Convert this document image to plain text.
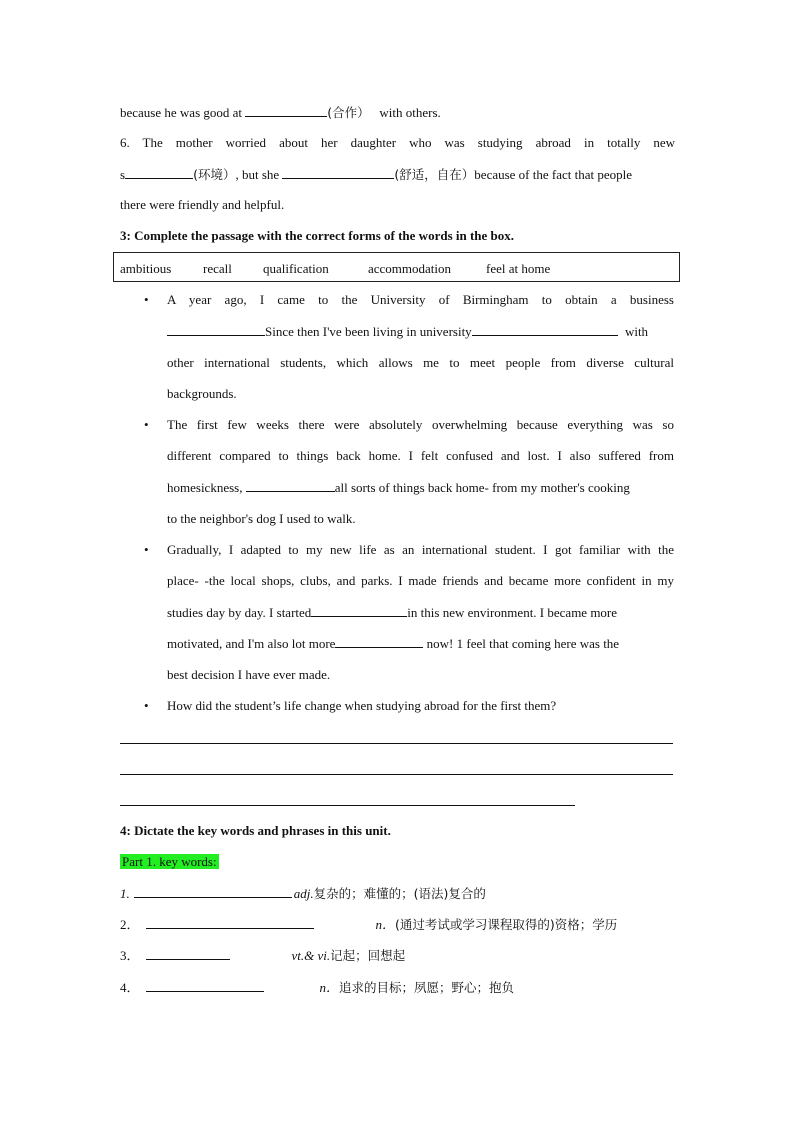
because he was good at	(合作）   with others.
6. The mother worried about her daughter who was studying abroad in totally new
s	(环境）, but she	(舒适，自在）because of the fact that people
there were friendly and helpful.
3: Complete the passage with the correct forms of the words in the box.
ambitious recall qualification	accommodation	feel at home
• A year ago, I came to the University of Birmingham to obtain a business
Since then I've been living in university	with
other international students, which allows me to meet people from diverse cultural
backgrounds.
• The first few weeks there were absolutely overwhelming because everything was so
different compared to things back home. I felt confused and lost. I also suffered from
homesickness,	all sorts of things back home- from my mother's cooking
to the neighbor's dog I used to walk.
• Gradually, I adapted to my new life as an international student. I got familiar with the
place- -the local shops, clubs, and parks. I made friends and became more confident in my
studies day by day. I started	in this new environment. I became more
motivated, and I'm also lot more	now! 1 feel that coming here was the
best decision I have ever made.
• How did the student’s life change when studying abroad for the first them?
4: Dictate the key words and phrases in this unit.
Part 1. key words:
1.	adj.复杂的；难懂的；(语法)复合的
2．	n．(通过考试或学习课程取得的)资格；学历
3．	vt.& vi.记起；回想起
4．	n．追求的目标；夙愿；野心；抱负
